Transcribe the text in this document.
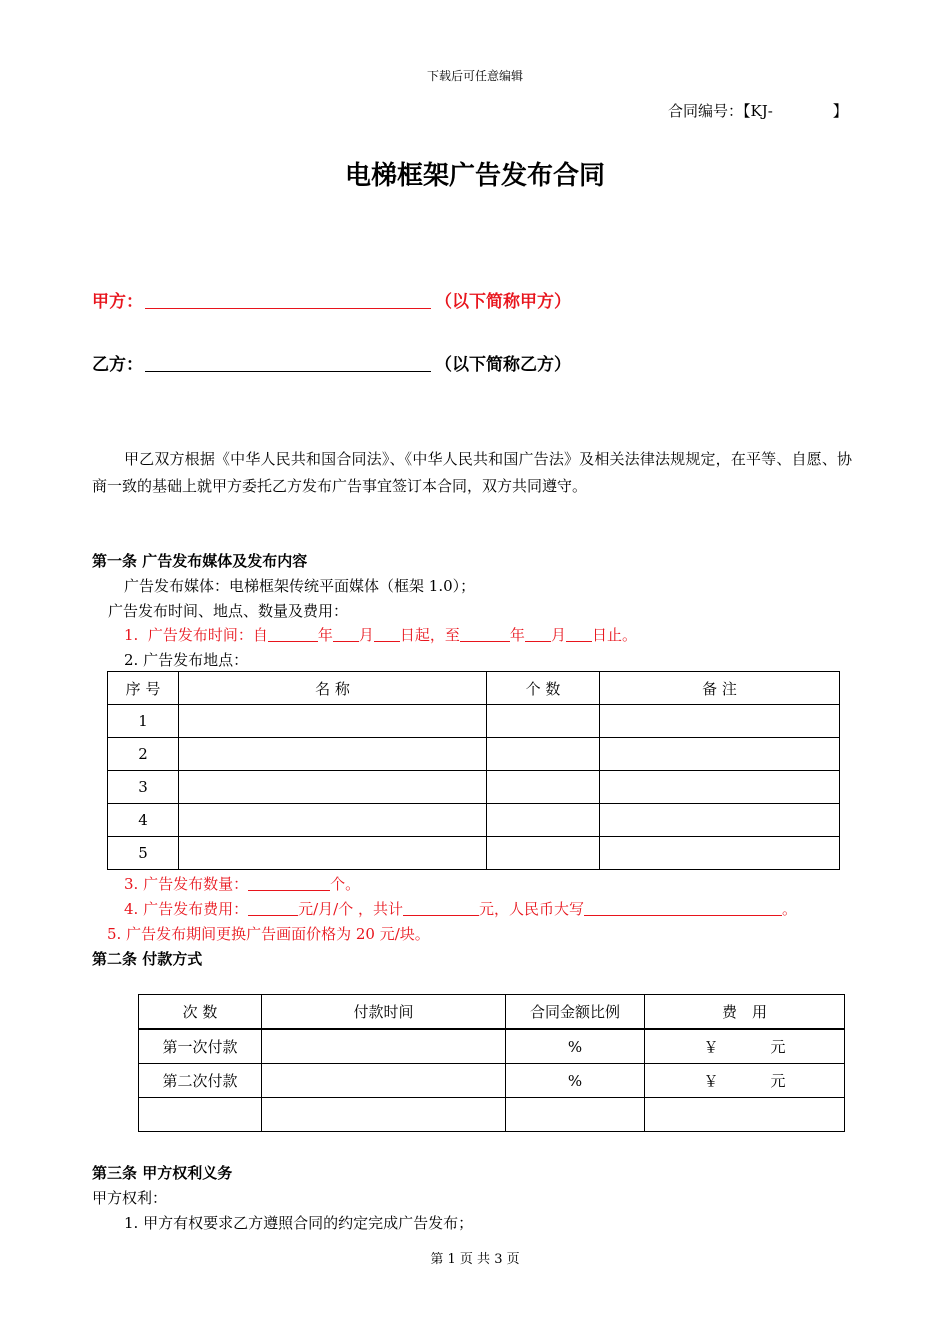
下载后可任意编辑
合同编号：【KJ-　　　　】
电梯框架广告发布合同
甲方：	（以下简称甲方）
乙方：	（以下简称乙方）
甲乙双方根据《中华人民共和国合同法》、《中华人民共和国广告法》及相关法律法规规定，在平等、自愿、协商一致的基础上就甲方委托乙方发布广告事宜签订本合同，双方共同遵守。
第一条 广告发布媒体及发布内容
广告发布媒体：电梯框架传统平面媒体（框架 1.0）；
广告发布时间、地点、数量及费用：
1. 广告发布时间：自	年 月 日起，至	年 月 日止。
2. 广告发布地点：
序 号	名 称	个 数	备 注
1			
2			
3			
4			
5			
3. 广告发布数量：	个。
4. 广告发布费用：	元/月/个 ，共计	元，人民币大写	。
5. 广告发布期间更换广告画面价格为 20 元/块。
第二条 付款方式
次 数	付款时间	合同金额比例	费　用
第一次付款		%	￥ 元
第二次付款		%	￥ 元

第三条 甲方权利义务
甲方权利：
1. 甲方有权要求乙方遵照合同的约定完成广告发布；
第 1 页 共 3 页
